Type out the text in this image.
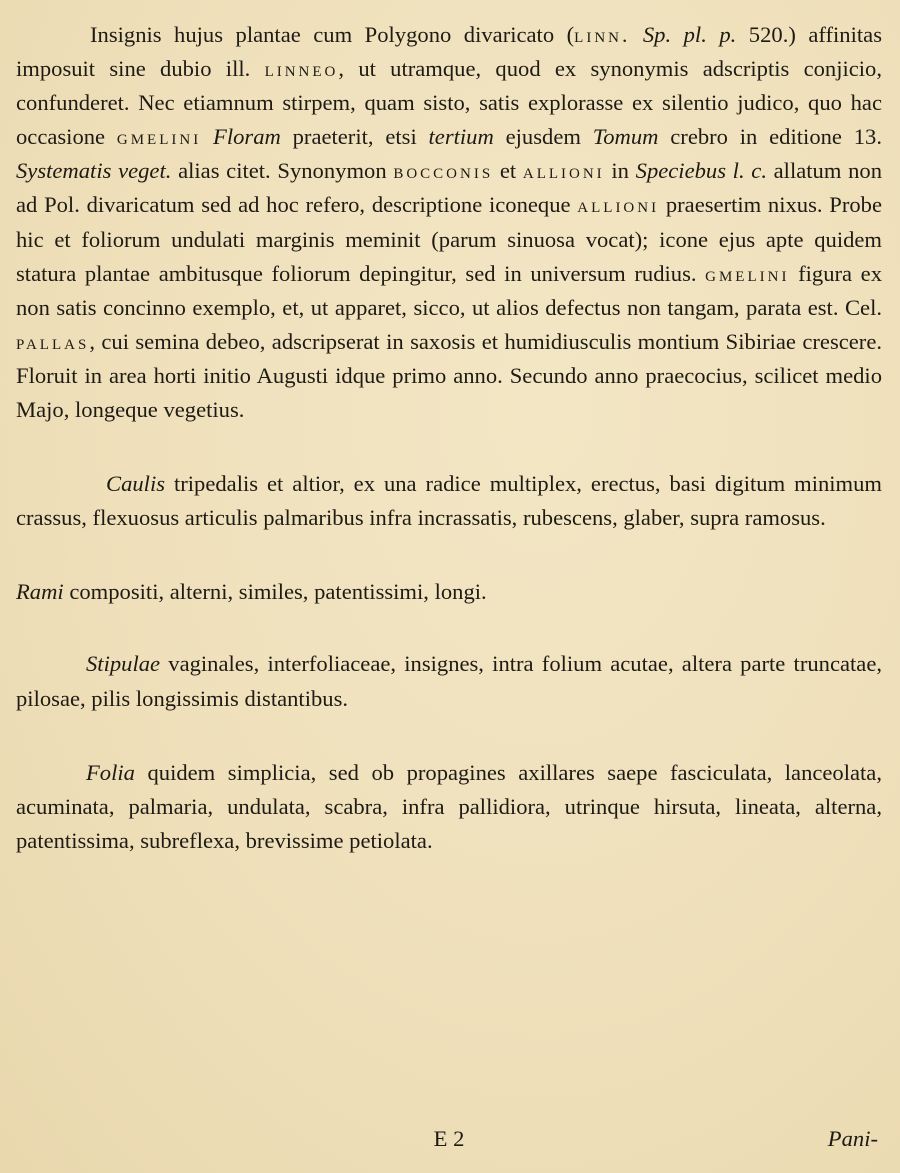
Insignis hujus plantae cum Polygono divaricato (linn. Sp. pl. p. 520.) affinitas imposuit sine dubio ill. linneo, ut utramque, quod ex synonymis adscriptis conjicio, confunderet. Nec etiamnum stirpem, quam sisto, satis explorasse ex silentio judico, quo hac occasione gmelini Floram praeterit, etsi tertium ejusdem Tomum crebro in editione 13. Systematis veget. alias citet. Synonymon bocconis et allioni in Speciebus l. c. allatum non ad Pol. divaricatum sed ad hoc refero, descriptione iconeque allioni praesertim nixus. Probe hic et foliorum undulati marginis meminit (parum sinuosa vocat); icone ejus apte quidem statura plantae ambitusque foliorum depingitur, sed in universum rudius. gmelini figura ex non satis concinno exemplo, et, ut apparet, sicco, ut alios defectus non tangam, parata est. Cel. pallas, cui semina debeo, adscripserat in saxosis et humidiusculis montium Sibiriae crescere. Floruit in area horti initio Augusti idque primo anno. Secundo anno praecocius, scilicet medio Majo, longeque vegetius.

Caulis tripedalis et altior, ex una radice multiplex, erectus, basi digitum minimum crassus, flexuosus articulis palmaribus infra incrassatis, rubescens, glaber, supra ramosus.

Rami compositi, alterni, similes, patentissimi, longi.

Stipulae vaginales, interfoliaceae, insignes, intra folium acutae, altera parte truncatae, pilosae, pilis longissimis distantibus.

Folia quidem simplicia, sed ob propagines axillares saepe fasciculata, lanceolata, acuminata, palmaria, undulata, scabra, infra pallidiora, utrinque hirsuta, lineata, alterna, patentissima, subreflexa, brevissime petiolata.

E 2	Pani-
